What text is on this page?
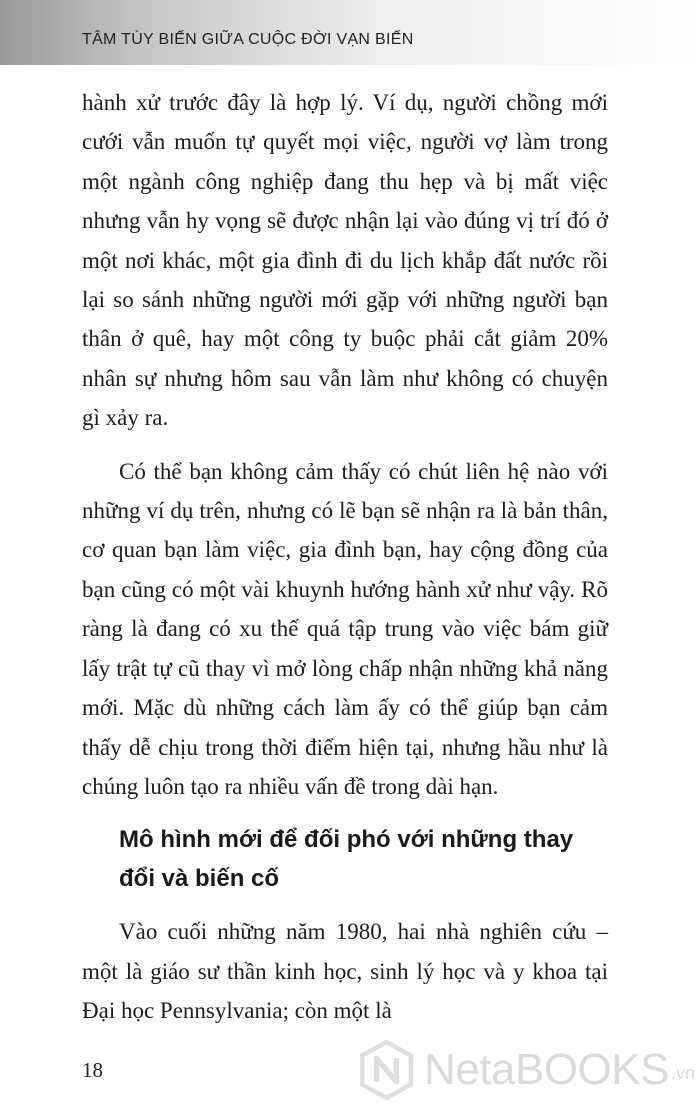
TÂM TÙY BIẾN GIỮA CUỘC ĐỜI VẠN BIẾN

hành xử trước đây là hợp lý. Ví dụ, người chồng mới cưới vẫn muốn tự quyết mọi việc, người vợ làm trong một ngành công nghiệp đang thu hẹp và bị mất việc nhưng vẫn hy vọng sẽ được nhận lại vào đúng vị trí đó ở một nơi khác, một gia đình đi du lịch khắp đất nước rồi lại so sánh những người mới gặp với những người bạn thân ở quê, hay một công ty buộc phải cắt giảm 20% nhân sự nhưng hôm sau vẫn làm như không có chuyện gì xảy ra.

Có thể bạn không cảm thấy có chút liên hệ nào với những ví dụ trên, nhưng có lẽ bạn sẽ nhận ra là bản thân, cơ quan bạn làm việc, gia đình bạn, hay cộng đồng của bạn cũng có một vài khuynh hướng hành xử như vậy. Rõ ràng là đang có xu thế quá tập trung vào việc bám giữ lấy trật tự cũ thay vì mở lòng chấp nhận những khả năng mới. Mặc dù những cách làm ấy có thể giúp bạn cảm thấy dễ chịu trong thời điểm hiện tại, nhưng hầu như là chúng luôn tạo ra nhiều vấn đề trong dài hạn.

Mô hình mới để đối phó với những thay đổi và biến cố

Vào cuối những năm 1980, hai nhà nghiên cứu – một là giáo sư thần kinh học, sinh lý học và y khoa tại Đại học Pennsylvania; còn một là

18	NetaBOOKS .vn
